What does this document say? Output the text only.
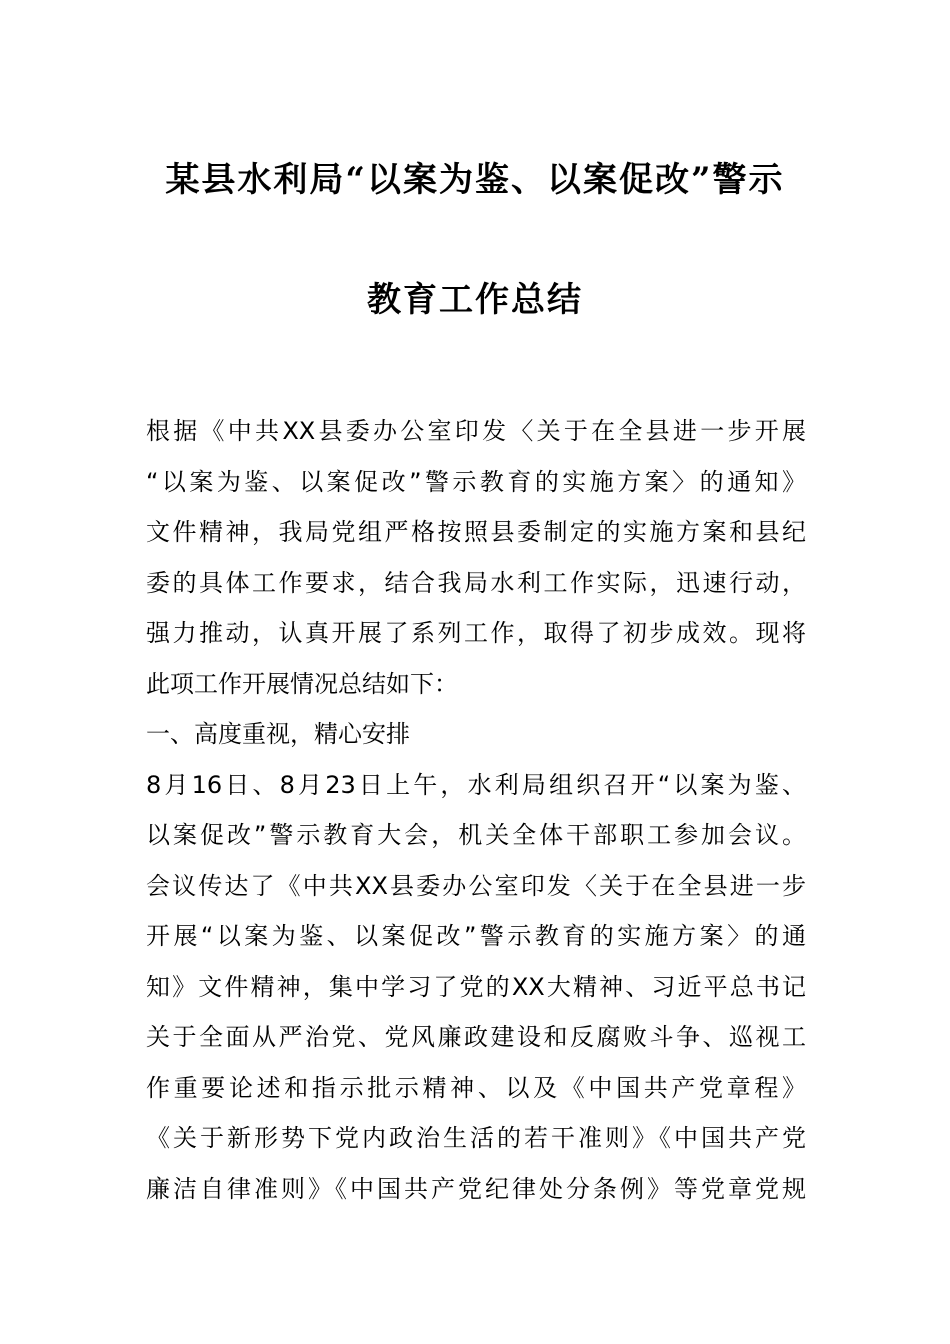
某县水利局“以案为鉴、以案促改”警示
教育工作总结
根据《中共XX县委办公室印发〈关于在全县进一步开展
“以案为鉴、以案促改”警示教育的实施方案〉的通知》
文件精神，我局党组严格按照县委制定的实施方案和县纪
委的具体工作要求，结合我局水利工作实际，迅速行动，
强力推动，认真开展了系列工作，取得了初步成效。现将
此项工作开展情况总结如下：
一、高度重视，精心安排
8月16日、8月23日上午，水利局组织召开“以案为鉴、
以案促改”警示教育大会，机关全体干部职工参加会议。
会议传达了《中共XX县委办公室印发〈关于在全县进一步
开展“以案为鉴、以案促改”警示教育的实施方案〉的通
知》文件精神，集中学习了党的XX大精神、习近平总书记
关于全面从严治党、党风廉政建设和反腐败斗争、巡视工
作重要论述和指示批示精神、以及《中国共产党章程》
《关于新形势下党内政治生活的若干准则》《中国共产党
廉洁自律准则》《中国共产党纪律处分条例》等党章党规
